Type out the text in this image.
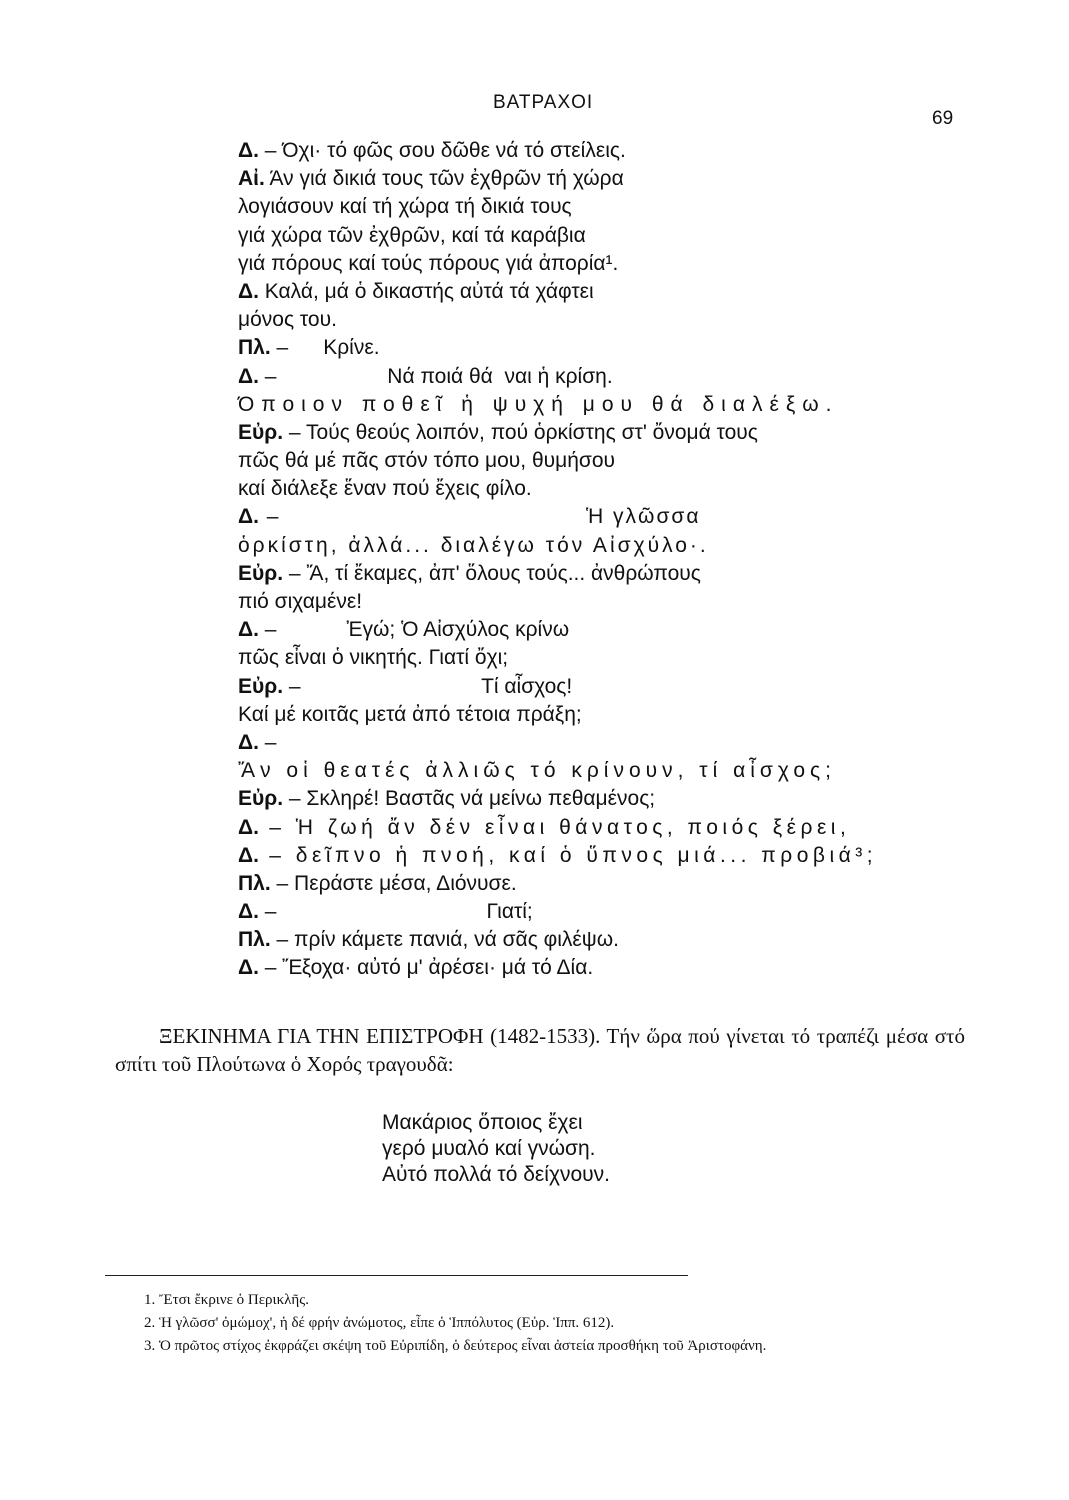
ΒΑΤΡΑΧΟΙ
69
Δ. – Όχι· τό φῶς σου δῶθε νά τό στείλεις.
Αἰ. Άν γιά δικιά τους τῶν ἐχθρῶν τή χώρα
λογιάσουν καί τή χώρα τή δικιά τους
γιά χώρα τῶν ἐχθρῶν, καί τά καράβια
γιά πόρους καί τούς πόρους γιά ἀπορία¹.
Δ. Καλά, μά ὁ δικαστής αὐτά τά χάφτει
μόνος του.
Πλ. –      Κρίνε.
Δ. –                   Νά ποιά θά  ναι ἡ κρίση.
Όποιον ποθεῖ ἡ ψυχή μου θά διαλέξω.
Εὐρ. – Τούς θεούς λοιπόν, πού ὁρκίστης στ' ὄνομά τους
πῶς θά μέ πᾶς στόν τόπο μου, θυμήσου
καί διάλεξε ἕναν πού ἔχεις φίλο.
Δ. –                                       Ἡ γλῶσσα
ὁρκίστη, ἀλλά... διαλέγω τόν Αἰσχύλο·.
Εὐρ. – Ἄ, τί ἔκαμες, ἀπ' ὅλους τούς... ἀνθρώπους
πιό σιχαμένε!
Δ. –            Ἐγώ; Ὁ Αἰσχύλος κρίνω
πῶς εἶναι ὁ νικητής. Γιατί ὄχι;
Εὐρ. –                               Τί αἶσχος!
Καί μέ κοιτᾶς μετά ἀπό τέτοια πράξη;
Δ. –
Ἄν οἱ θεατές ἀλλιῶς τό κρίνουν, τί αἶσχος;
Εὐρ. – Σκληρέ! Βαστᾶς νά μείνω πεθαμένος;
Δ. – Ἡ ζωή ἄν δέν εἶναι θάνατος, ποιός ξέρει,
Δ. – δεῖπνο ἡ πνοή, καί ὁ ὕπνος μιά... προβιά³;
Πλ. – Περάστε μέσα, Διόνυσε.
Δ. –                                    Γιατί;
Πλ. – πρίν κάμετε πανιά, νά σᾶς φιλέψω.
Δ. – Ἔξοχα· αὐτό μ' ἀρέσει· μά τό Δία.

ΞΕΚΙΝΗΜΑ ΓΙΑ ΤΗΝ ΕΠΙΣΤΡΟΦΗ (1482-1533). Τήν ὥρα πού γίνεται τό τραπέζι μέσα στό σπίτι τοῦ Πλούτωνα ὁ Χορός τραγουδᾶ:

Μακάριος ὅποιος ἔχει
γερό μυαλό καί γνώση.
Αὐτό πολλά τό δείχνουν.
1. Ἔτσι ἔκρινε ὁ Περικλῆς.
2. Ἡ γλῶσσ' ὀμώμοχ', ἡ δέ φρήν ἀνώμοτος, εἶπε ὁ Ἱππόλυτος (Εὐρ. Ἱππ. 612).
3. Ὁ πρῶτος στίχος ἐκφράζει σκέψη τοῦ Εὐριπίδη, ὁ δεύτερος εἶναι ἀστεία προσθήκη τοῦ Ἀριστοφάνη.
